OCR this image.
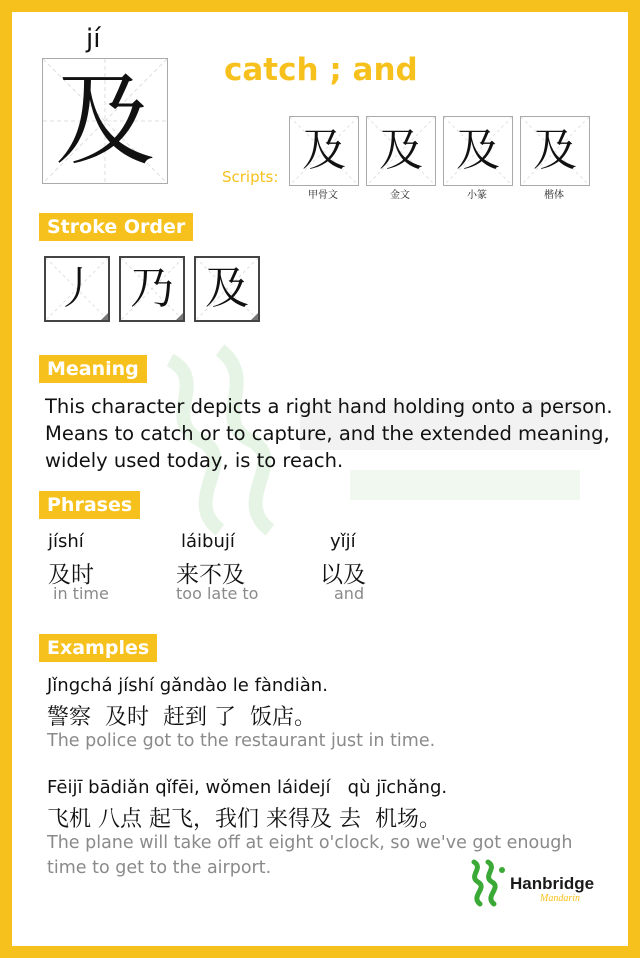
jí
及	catch ; and
Scripts:
及
甲骨文
及
金文
及
小篆
及
楷体
Stroke Order
丿 乃 及
Meaning
This character depicts a right hand holding onto a person. Means to catch or to capture, and the extended meaning, widely used today, is to reach.
Phrases
jíshí
及时
in time
láibují
来不及
too late to
yǐjí
以及
and
Examples
Jǐngchá jíshí gǎndào le fàndiàn.
警察  及时  赶到 了  饭店。
The police got to the restaurant just in time.
Fēijī bādiǎn qǐfēi, wǒmen láidejí   qù jīchǎng.
飞机 八点 起飞，我们 来得及 去  机场。
The plane will take off at eight o'clock, so we've got enough time to get to the airport.
Hanbridge
Mandarin
